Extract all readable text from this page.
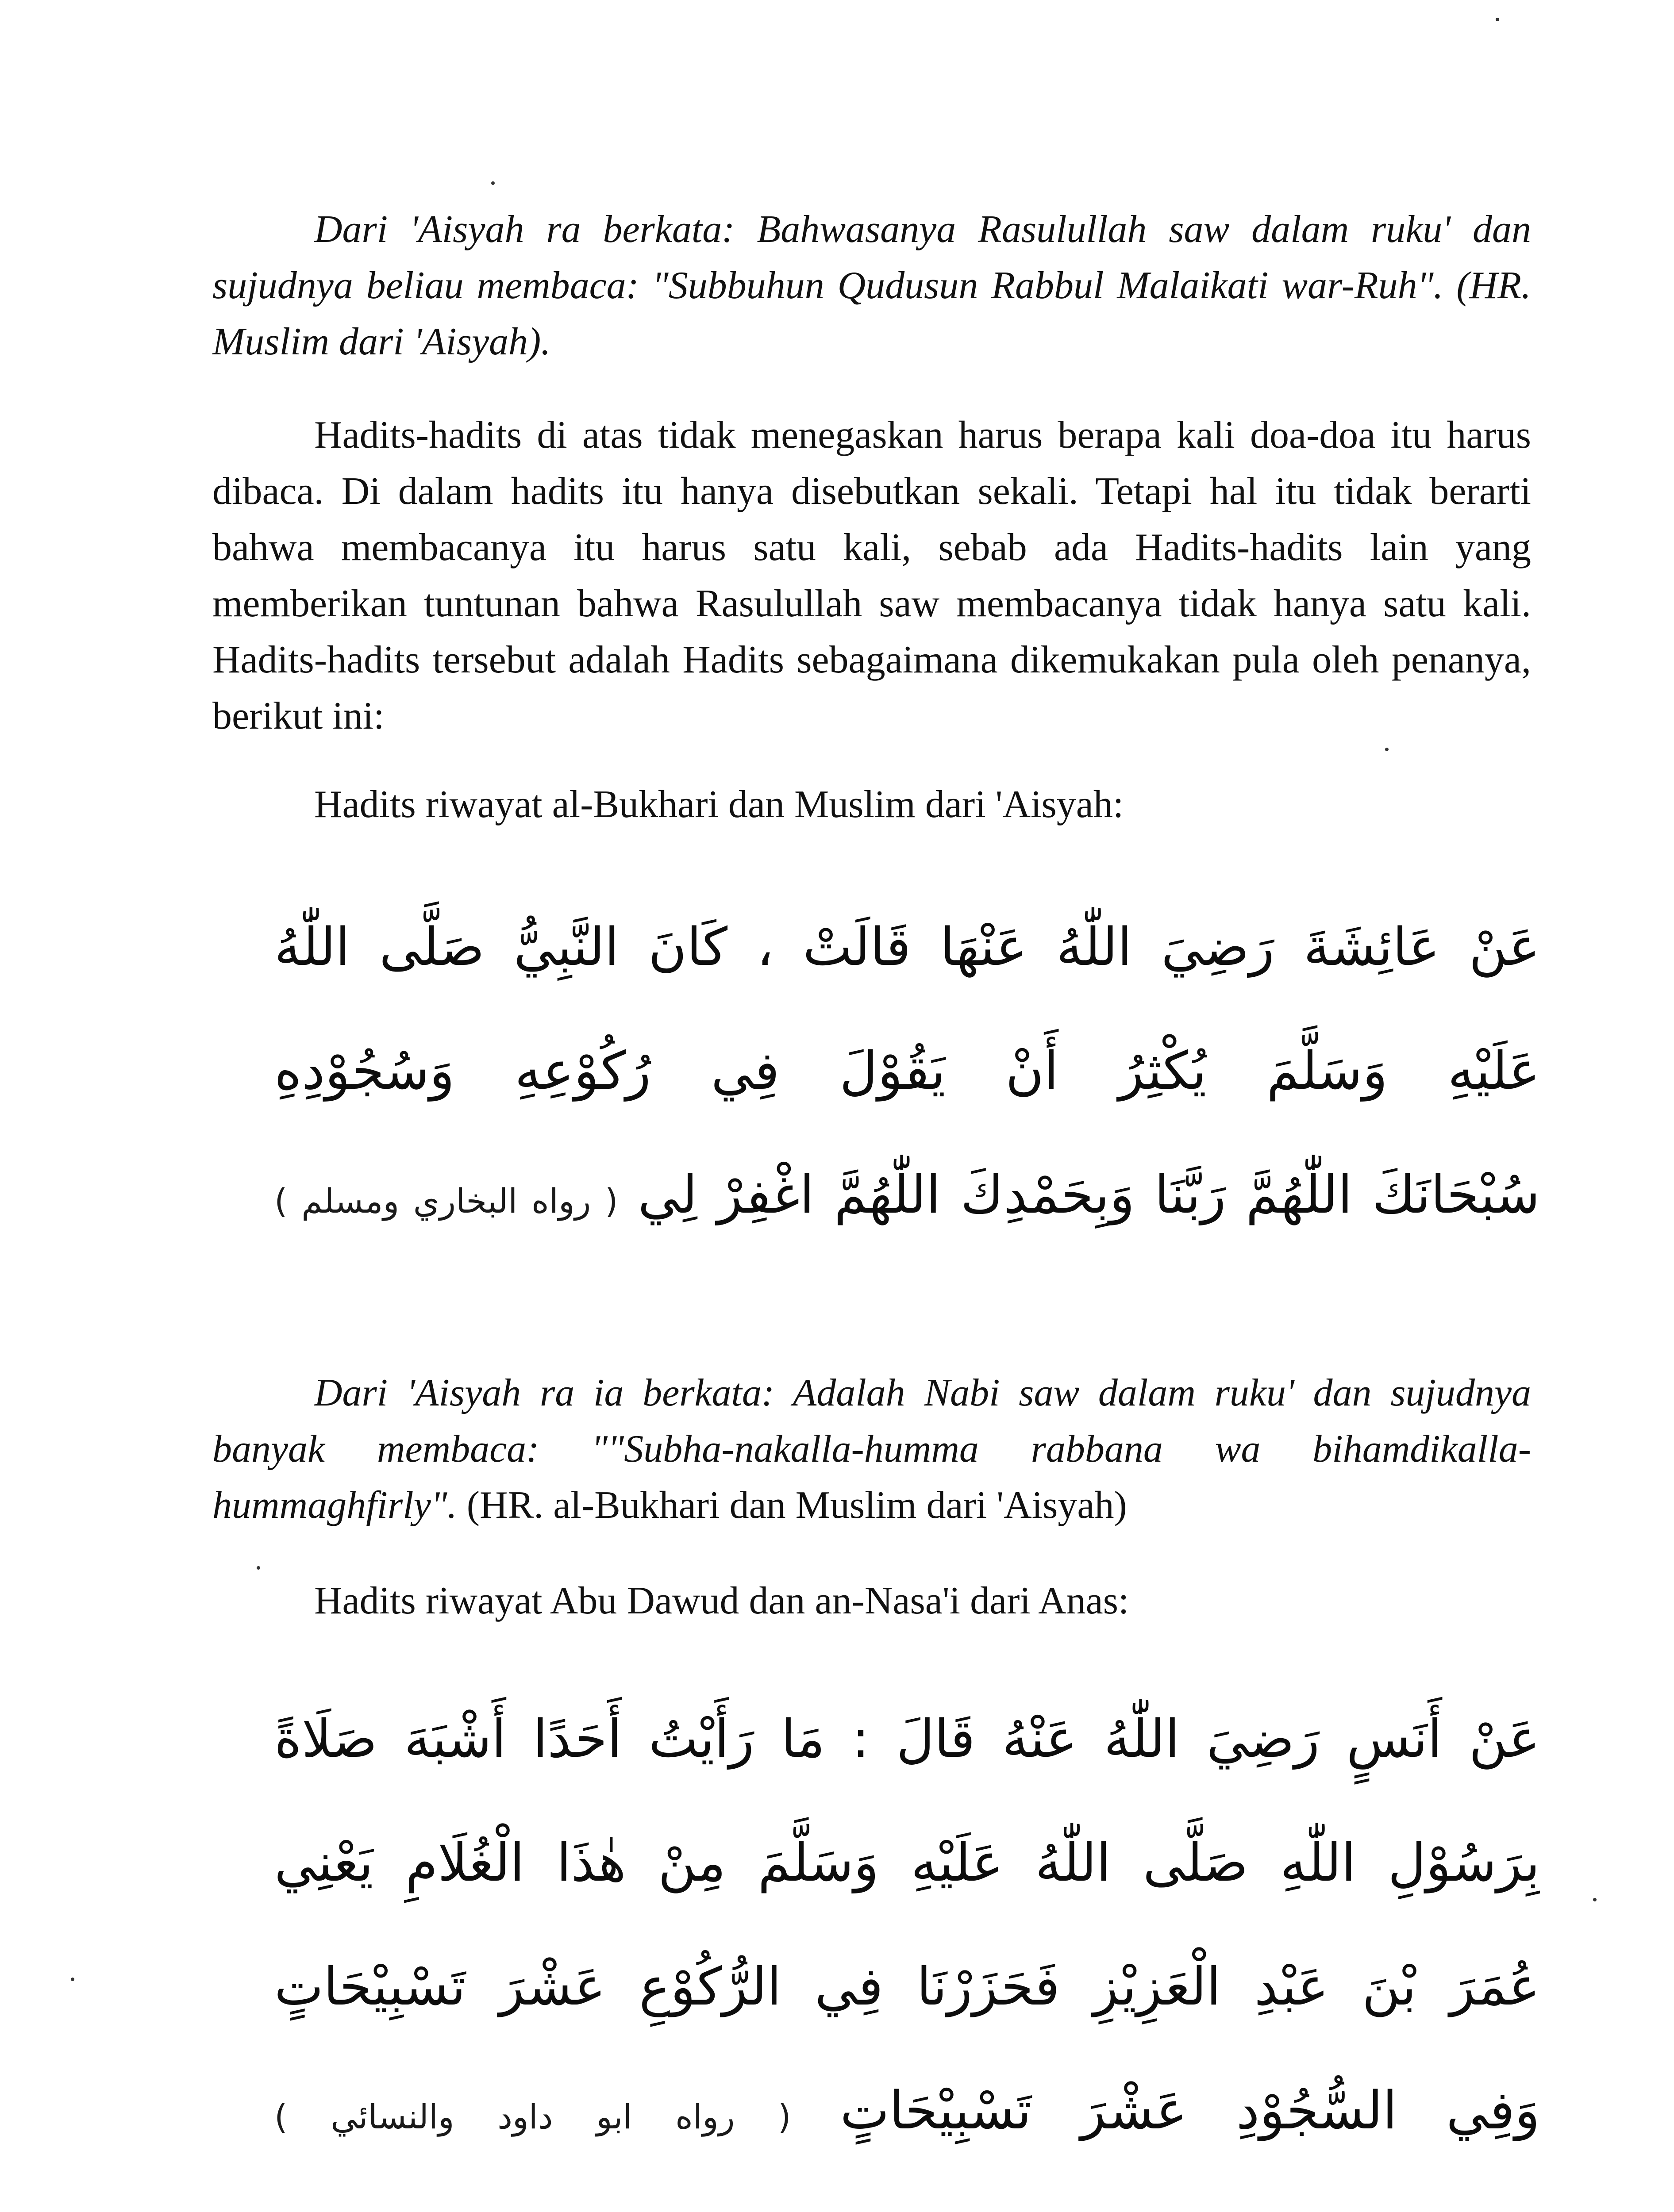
Dari 'Aisyah ra berkata: Bahwasanya Rasulullah saw dalam ruku' dan sujudnya beliau membaca: "Subbuhun Qudusun Rabbul Malaikati war-Ruh". (HR. Muslim dari 'Aisyah).

Hadits-hadits di atas tidak menegaskan harus berapa kali doa-doa itu harus dibaca. Di dalam hadits itu hanya disebutkan sekali. Tetapi hal itu tidak berarti bahwa membacanya itu harus satu kali, sebab ada Hadits-hadits lain yang memberikan tuntunan bahwa Rasulullah saw membacanya tidak hanya satu kali. Hadits-hadits tersebut adalah Hadits sebagaimana dikemukakan pula oleh penanya, berikut ini:

Hadits riwayat al-Bukhari dan Muslim dari 'Aisyah:
عَنْ عَائِشَةَ رَضِيَ اللّٰهُ عَنْهَا قَالَتْ ، كَانَ النَّبِيُّ صَلَّى اللّٰهُ
عَلَيْهِ وَسَلَّمَ يُكْثِرُ أَنْ يَقُوْلَ فِي رُكُوْعِهِ وَسُجُوْدِهِ
سُبْحَانَكَ اللّٰهُمَّ رَبَّنَا وَبِحَمْدِكَ اللّٰهُمَّ اغْفِرْ لِي ( رواه البخاري ومسلم )

Dari 'Aisyah ra ia berkata: Adalah Nabi saw dalam ruku' dan sujudnya banyak membaca: ""Subha-nakalla-humma rabbana wa bihamdikalla-hummaghfirly". (HR. al-Bukhari dan Muslim dari 'Aisyah)

Hadits riwayat Abu Dawud dan an-Nasa'i dari Anas:
عَنْ أَنَسٍ رَضِيَ اللّٰهُ عَنْهُ قَالَ : مَا رَأَيْتُ أَحَدًا أَشْبَهَ صَلَاةً
بِرَسُوْلِ اللّٰهِ صَلَّى اللّٰهُ عَلَيْهِ وَسَلَّمَ مِنْ هٰذَا الْغُلَامِ يَعْنِي
عُمَرَ بْنَ عَبْدِ الْعَزِيْزِ فَحَزَرْنَا فِي الرُّكُوْعِ عَشْرَ تَسْبِيْحَاتٍ
وَفِي السُّجُوْدِ عَشْرَ تَسْبِيْحَاتٍ ( رواه ابو داود والنسائي )
